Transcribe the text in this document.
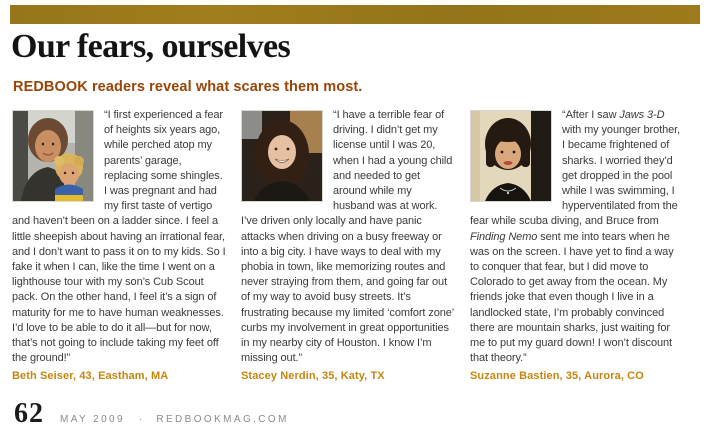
Our fears, ourselves

REDBOOK readers reveal what scares them most.

“I first experienced a fear of heights six years ago, while perched atop my parents’ garage, replacing some shingles. I was pregnant and had my first taste of vertigo and haven’t been on a ladder since. I feel a little sheepish about having an irrational fear, and I don’t want to pass it on to my kids. So I fake it when I can, like the time I went on a lighthouse tour with my son’s Cub Scout pack. On the other hand, I feel it’s a sign of maturity for me to have human weaknesses. I’d love to be able to do it all—but for now, that’s not going to include taking my feet off the ground!”

Beth Seiser, 43, Eastham, MA

“I have a terrible fear of driving. I didn’t get my license until I was 20, when I had a young child and needed to get around while my husband was at work. I’ve driven only locally and have panic attacks when driving on a busy freeway or into a big city. I have ways to deal with my phobia in town, like memorizing routes and never straying from them, and going far out of my way to avoid busy streets. It’s frustrating because my limited ‘comfort zone’ curbs my involvement in great opportunities in my nearby city of Houston. I know I’m missing out.”

Stacey Nerdin, 35, Katy, TX

“After I saw Jaws 3-D with my younger brother, I became frightened of sharks. I worried they’d get dropped in the pool while I was swimming, I hyperventilated from the fear while scuba diving, and Bruce from Finding Nemo sent me into tears when he was on the screen. I have yet to find a way to conquer that fear, but I did move to Colorado to get away from the ocean. My friends joke that even though I live in a landlocked state, I’m probably convinced there are mountain sharks, just waiting for me to put my guard down! I won’t discount that theory.”

Suzanne Bastien, 35, Aurora, CO

62 MAY 2009 · REDBOOKMAG.COM
